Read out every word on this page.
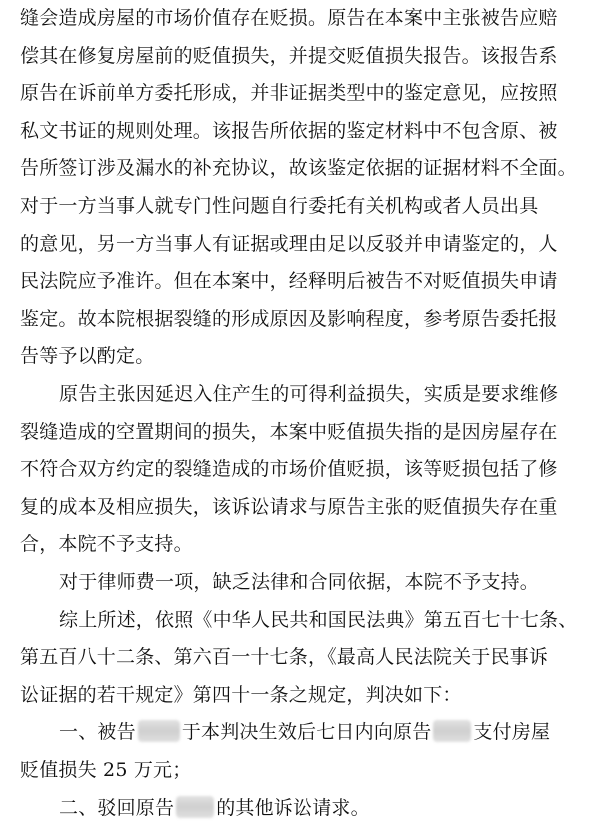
缝会造成房屋的市场价值存在贬损。原告在本案中主张被告应赔
偿其在修复房屋前的贬值损失，并提交贬值损失报告。该报告系
原告在诉前单方委托形成，并非证据类型中的鉴定意见，应按照
私文书证的规则处理。该报告所依据的鉴定材料中不包含原、被
告所签订涉及漏水的补充协议，故该鉴定依据的证据材料不全面。
对于一方当事人就专门性问题自行委托有关机构或者人员出具
的意见，另一方当事人有证据或理由足以反驳并申请鉴定的，人
民法院应予准许。但在本案中，经释明后被告不对贬值损失申请
鉴定。故本院根据裂缝的形成原因及影响程度，参考原告委托报
告等予以酌定。
原告主张因延迟入住产生的可得利益损失，实质是要求维修
裂缝造成的空置期间的损失，本案中贬值损失指的是因房屋存在
不符合双方约定的裂缝造成的市场价值贬损，该等贬损包括了修
复的成本及相应损失，该诉讼请求与原告主张的贬值损失存在重
合，本院不予支持。
对于律师费一项，缺乏法律和合同依据，本院不予支持。
综上所述，依照《中华人民共和国民法典》第五百七十七条、
第五百八十二条、第六百一十七条，《最高人民法院关于民事诉
讼证据的若干规定》第四十一条之规定，判决如下：
一、被告 于本判决生效后七日内向原告 支付房屋
贬值损失 25 万元；
二、驳回原告 的其他诉讼请求。
